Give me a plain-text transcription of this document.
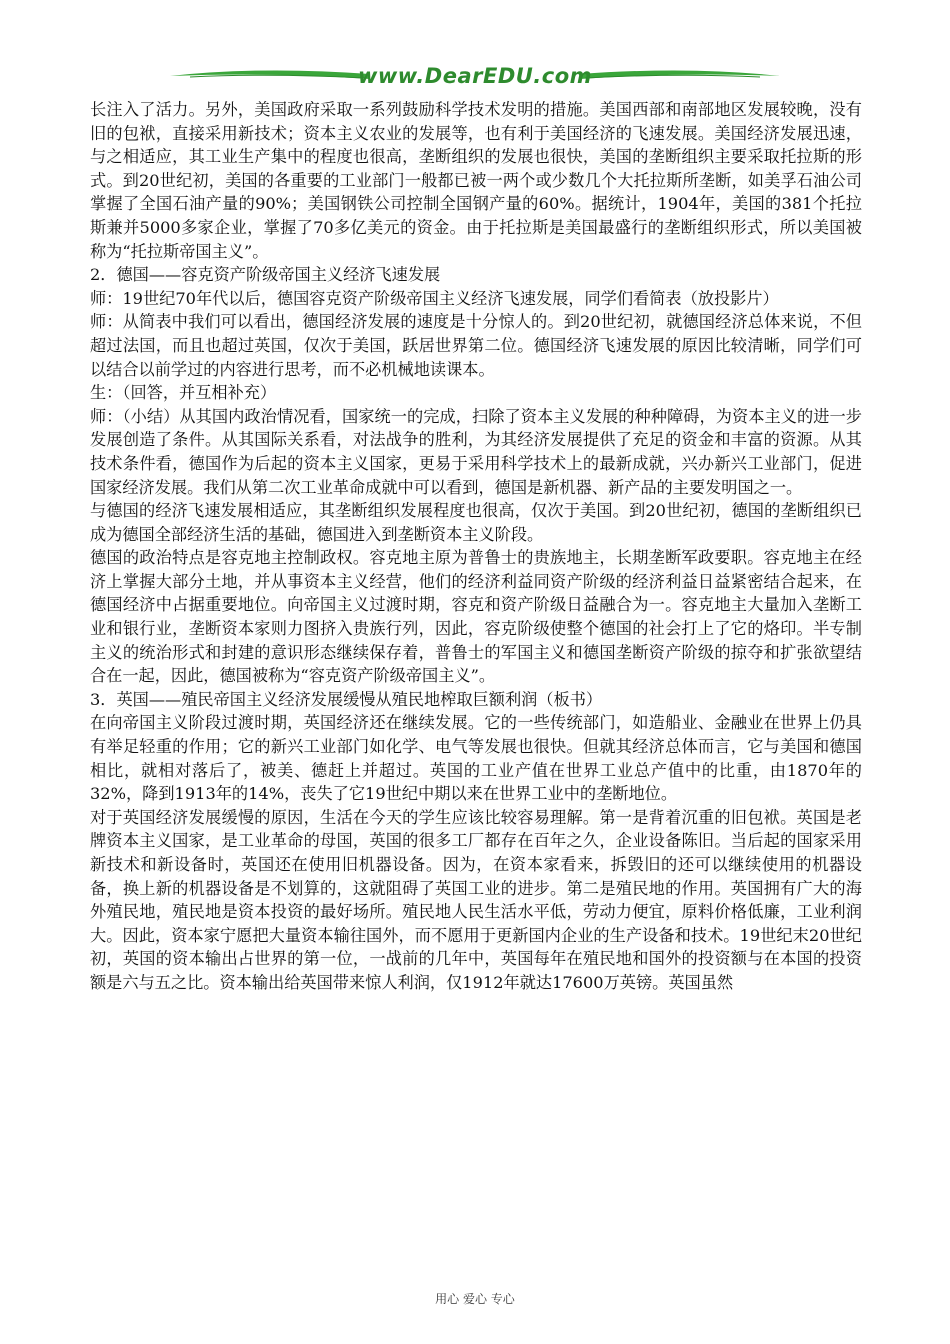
www.DearEDU.com

长注入了活力。另外，美国政府采取一系列鼓励科学技术发明的措施。美国西部和南部地区发展较晚，没有旧的包袱，直接采用新技术；资本主义农业的发展等，也有利于美国经济的飞速发展。美国经济发展迅速，与之相适应，其工业生产集中的程度也很高，垄断组织的发展也很快，美国的垄断组织主要采取托拉斯的形式。到20世纪初，美国的各重要的工业部门一般都已被一两个或少数几个大托拉斯所垄断，如美孚石油公司掌握了全国石油产量的90%；美国钢铁公司控制全国钢产量的60%。据统计，1904年，美国的381个托拉斯兼并5000多家企业，掌握了70多亿美元的资金。由于托拉斯是美国最盛行的垄断组织形式，所以美国被称为“托拉斯帝国主义”。

2．德国——容克资产阶级帝国主义经济飞速发展

师：19世纪70年代以后，德国容克资产阶级帝国主义经济飞速发展，同学们看简表（放投影片）

师：从简表中我们可以看出，德国经济发展的速度是十分惊人的。到20世纪初，就德国经济总体来说，不但超过法国，而且也超过英国，仅次于美国，跃居世界第二位。德国经济飞速发展的原因比较清晰，同学们可以结合以前学过的内容进行思考，而不必机械地读课本。

生：（回答，并互相补充）

师：（小结）从其国内政治情况看，国家统一的完成，扫除了资本主义发展的种种障碍，为资本主义的进一步发展创造了条件。从其国际关系看，对法战争的胜利，为其经济发展提供了充足的资金和丰富的资源。从其技术条件看，德国作为后起的资本主义国家，更易于采用科学技术上的最新成就，兴办新兴工业部门，促进国家经济发展。我们从第二次工业革命成就中可以看到，德国是新机器、新产品的主要发明国之一。

与德国的经济飞速发展相适应，其垄断组织发展程度也很高，仅次于美国。到20世纪初，德国的垄断组织已成为德国全部经济生活的基础，德国进入到垄断资本主义阶段。

德国的政治特点是容克地主控制政权。容克地主原为普鲁士的贵族地主，长期垄断军政要职。容克地主在经济上掌握大部分土地，并从事资本主义经营，他们的经济利益同资产阶级的经济利益日益紧密结合起来，在德国经济中占据重要地位。向帝国主义过渡时期，容克和资产阶级日益融合为一。容克地主大量加入垄断工业和银行业，垄断资本家则力图挤入贵族行列，因此，容克阶级使整个德国的社会打上了它的烙印。半专制主义的统治形式和封建的意识形态继续保存着，普鲁士的军国主义和德国垄断资产阶级的掠夺和扩张欲望结合在一起，因此，德国被称为“容克资产阶级帝国主义”。

3．英国——殖民帝国主义经济发展缓慢从殖民地榨取巨额利润（板书）

在向帝国主义阶段过渡时期，英国经济还在继续发展。它的一些传统部门，如造船业、金融业在世界上仍具有举足轻重的作用；它的新兴工业部门如化学、电气等发展也很快。但就其经济总体而言，它与美国和德国相比，就相对落后了，被美、德赶上并超过。英国的工业产值在世界工业总产值中的比重，由1870年的32%，降到1913年的14%，丧失了它19世纪中期以来在世界工业中的垄断地位。

对于英国经济发展缓慢的原因，生活在今天的学生应该比较容易理解。第一是背着沉重的旧包袱。英国是老牌资本主义国家，是工业革命的母国，英国的很多工厂都存在百年之久，企业设备陈旧。当后起的国家采用新技术和新设备时，英国还在使用旧机器设备。因为，在资本家看来，拆毁旧的还可以继续使用的机器设备，换上新的机器设备是不划算的，这就阻碍了英国工业的进步。第二是殖民地的作用。英国拥有广大的海外殖民地，殖民地是资本投资的最好场所。殖民地人民生活水平低，劳动力便宜，原料价格低廉，工业利润大。因此，资本家宁愿把大量资本输往国外，而不愿用于更新国内企业的生产设备和技术。19世纪末20世纪初，英国的资本输出占世界的第一位，一战前的几年中，英国每年在殖民地和国外的投资额与在本国的投资额是六与五之比。资本输出给英国带来惊人利润，仅1912年就达17600万英镑。英国虽然

用心 爱心 专心
